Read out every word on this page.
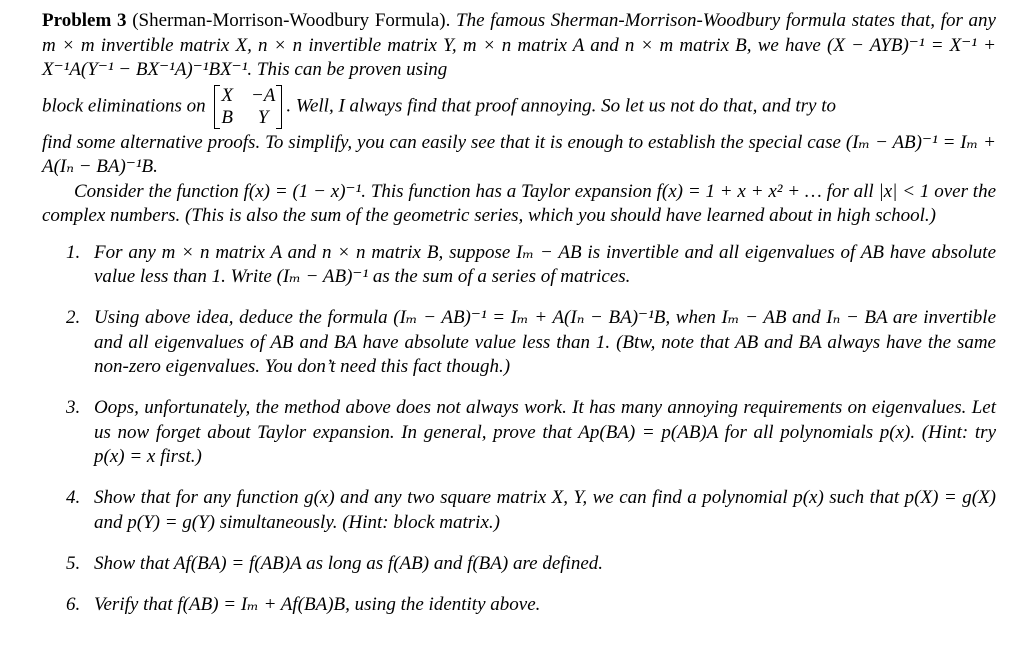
Problem 3 (Sherman-Morrison-Woodbury Formula). The famous Sherman-Morrison-Woodbury formula states that, for any m × m invertible matrix X, n × n invertible matrix Y, m × n matrix A and n × m matrix B, we have (X − AYB)⁻¹ = X⁻¹ + X⁻¹A(Y⁻¹ − BX⁻¹A)⁻¹BX⁻¹. This can be proven using

block eliminations on X −A
B	Y
. Well, I always find that proof annoying. So let us not do that, and try to

find some alternative proofs. To simplify, you can easily see that it is enough to establish the special case (Iₘ − AB)⁻¹ = Iₘ + A(Iₙ − BA)⁻¹B.

Consider the function f(x) = (1 − x)⁻¹. This function has a Taylor expansion f(x) = 1 + x + x² + … for all |x| < 1 over the complex numbers. (This is also the sum of the geometric series, which you should have learned about in high school.)

1. For any m × n matrix A and n × n matrix B, suppose Iₘ − AB is invertible and all eigenvalues of AB have absolute value less than 1. Write (Iₘ − AB)⁻¹ as the sum of a series of matrices.
2. Using above idea, deduce the formula (Iₘ − AB)⁻¹ = Iₘ + A(Iₙ − BA)⁻¹B, when Iₘ − AB and Iₙ − BA are invertible and all eigenvalues of AB and BA have absolute value less than 1. (Btw, note that AB and BA always have the same non-zero eigenvalues. You don’t need this fact though.)
3. Oops, unfortunately, the method above does not always work. It has many annoying requirements on eigenvalues. Let us now forget about Taylor expansion. In general, prove that Ap(BA) = p(AB)A for all polynomials p(x). (Hint: try p(x) = x first.)
4. Show that for any function g(x) and any two square matrix X, Y, we can find a polynomial p(x) such that p(X) = g(X) and p(Y) = g(Y) simultaneously. (Hint: block matrix.)
5. Show that Af(BA) = f(AB)A as long as f(AB) and f(BA) are defined.
6. Verify that f(AB) = Iₘ + Af(BA)B, using the identity above.
